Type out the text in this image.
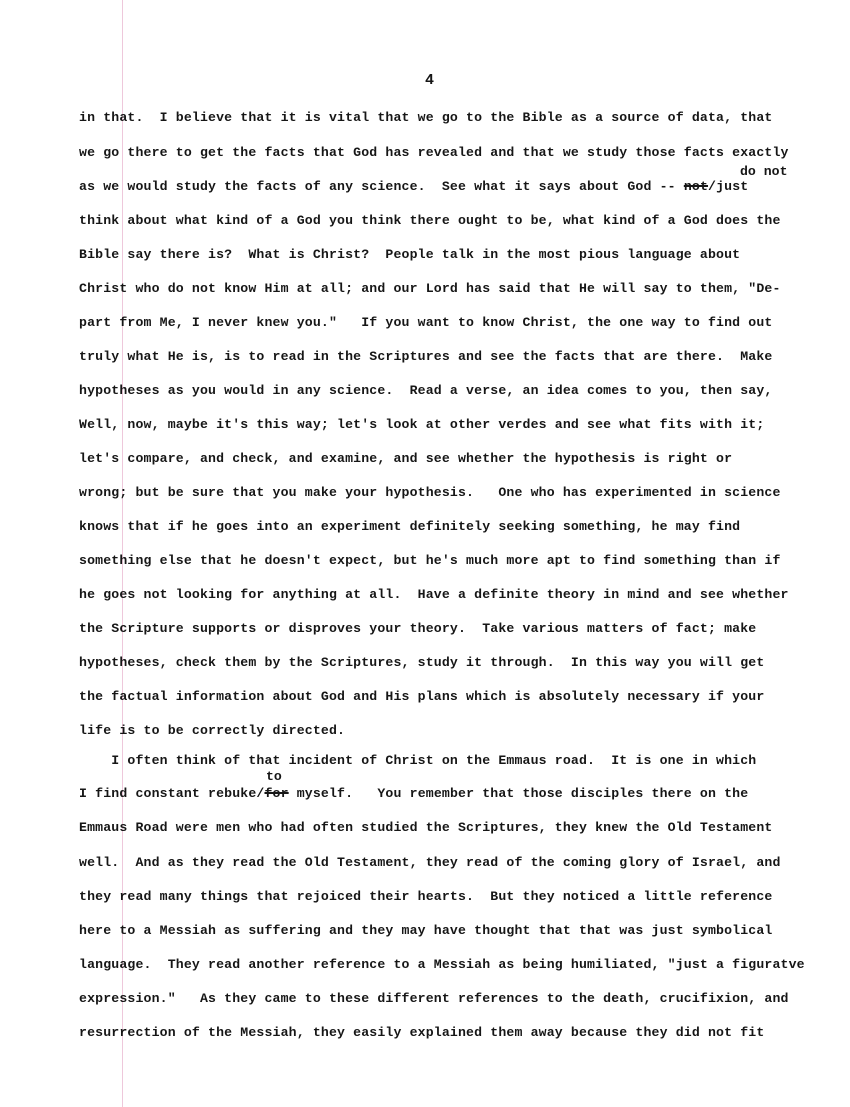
4
do not
to
in that.  I believe that it is vital that we go to the Bible as a source of data, that
we go there to get the facts that God has revealed and that we study those facts exactly
as we would study the facts of any science.  See what it says about God -- not/just
think about what kind of a God you think there ought to be, what kind of a God does the
Bible say there is?  What is Christ?  People talk in the most pious language about
Christ who do not know Him at all; and our Lord has said that He will say to them, "De-
part from Me, I never knew you."   If you want to know Christ, the one way to find out
truly what He is, is to read in the Scriptures and see the facts that are there.  Make
hypotheses as you would in any science.  Read a verse, an idea comes to you, then say,
Well, now, maybe it's this way; let's look at other verdes and see what fits with it;
let's compare, and check, and examine, and see whether the hypothesis is right or
wrong; but be sure that you make your hypothesis.   One who has experimented in science
knows that if he goes into an experiment definitely seeking something, he may find
something else that he doesn't expect, but he's much more apt to find something than if
he goes not looking for anything at all.  Have a definite theory in mind and see whether
the Scripture supports or disproves your theory.  Take various matters of fact; make
hypotheses, check them by the Scriptures, study it through.  In this way you will get
the factual information about God and His plans which is absolutely necessary if your
life is to be correctly directed.
I often think of that incident of Christ on the Emmaus road.  It is one in which
I find constant rebuke/for myself.   You remember that those disciples there on the
Emmaus Road were men who had often studied the Scriptures, they knew the Old Testament
well.  And as they read the Old Testament, they read of the coming glory of Israel, and
they read many things that rejoiced their hearts.  But they noticed a little reference
here to a Messiah as suffering and they may have thought that that was just symbolical
language.  They read another reference to a Messiah as being humiliated, "just a figuratve
expression."   As they came to these different references to the death, crucifixion, and
resurrection of the Messiah, they easily explained them away because they did not fit
